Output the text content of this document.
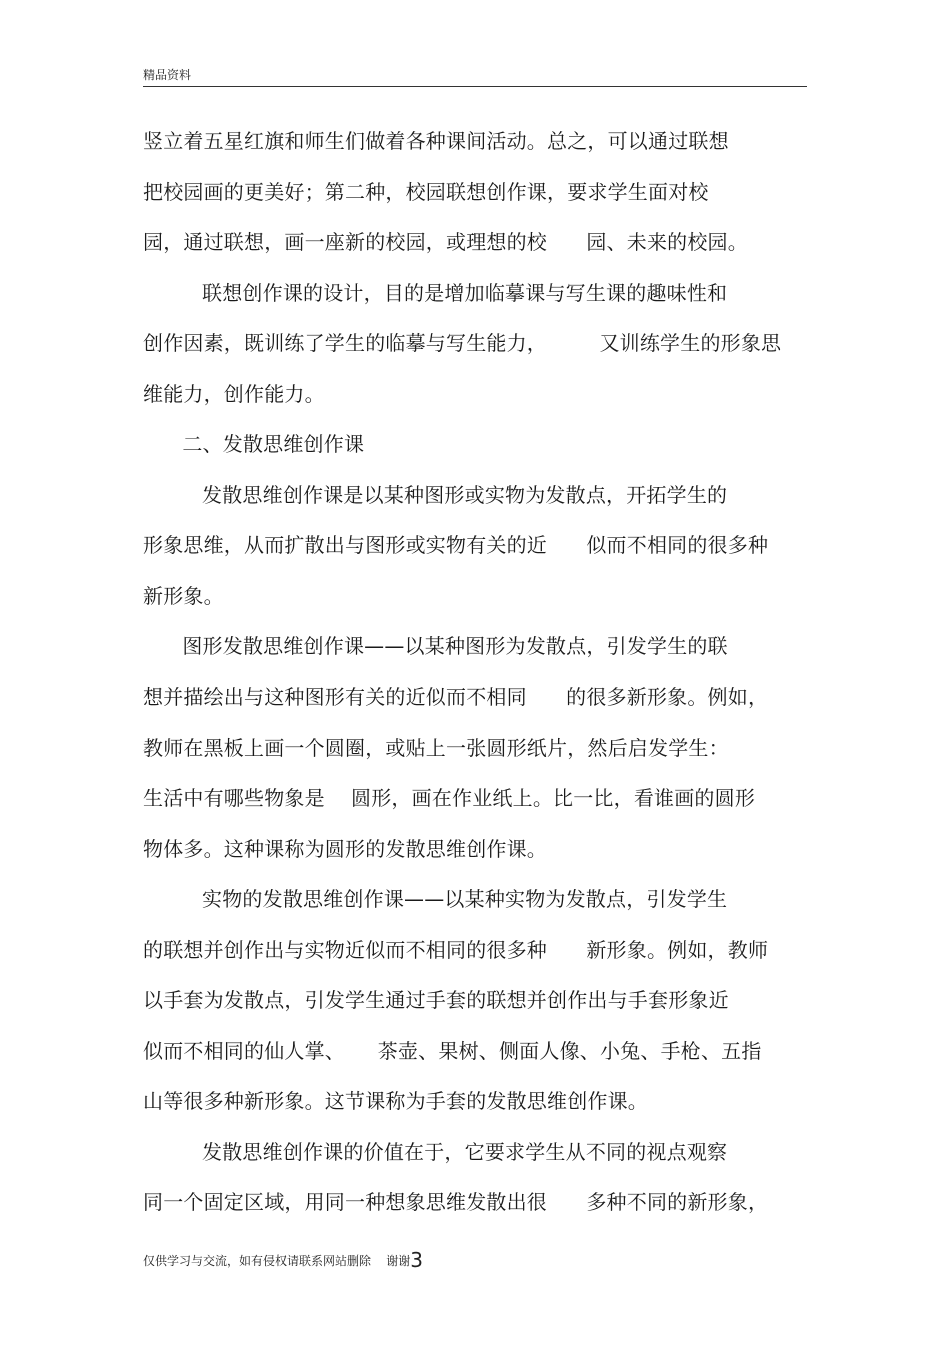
精品资料
竖立着五星红旗和师生们做着各种课间活动。总之，可以通过联想
把校园画的更美好；第二种，校园联想创作课，要求学生面对校
园，通过联想，画一座新的校园，或理想的校      园、未来的校园。
联想创作课的设计，目的是增加临摹课与写生课的趣味性和
创作因素，既训练了学生的临摹与写生能力，        又训练学生的形象思
维能力，创作能力。
二、发散思维创作课
发散思维创作课是以某种图形或实物为发散点，开拓学生的
形象思维，从而扩散出与图形或实物有关的近      似而不相同的很多种
新形象。
图形发散思维创作课——以某种图形为发散点，引发学生的联
想并描绘出与这种图形有关的近似而不相同      的很多新形象。例如，
教师在黑板上画一个圆圈，或贴上一张圆形纸片，然后启发学生：
生活中有哪些物象是    圆形，画在作业纸上。比一比，看谁画的圆形
物体多。这种课称为圆形的发散思维创作课。
实物的发散思维创作课——以某种实物为发散点，引发学生
的联想并创作出与实物近似而不相同的很多种      新形象。例如，教师
以手套为发散点，引发学生通过手套的联想并创作出与手套形象近
似而不相同的仙人掌、     茶壶、果树、侧面人像、小兔、手枪、五指
山等很多种新形象。这节课称为手套的发散思维创作课。
发散思维创作课的价值在于，它要求学生从不同的视点观察
同一个固定区域，用同一种想象思维发散出很      多种不同的新形象，
仅供学习与交流，如有侵权请联系网站删除    谢谢3
